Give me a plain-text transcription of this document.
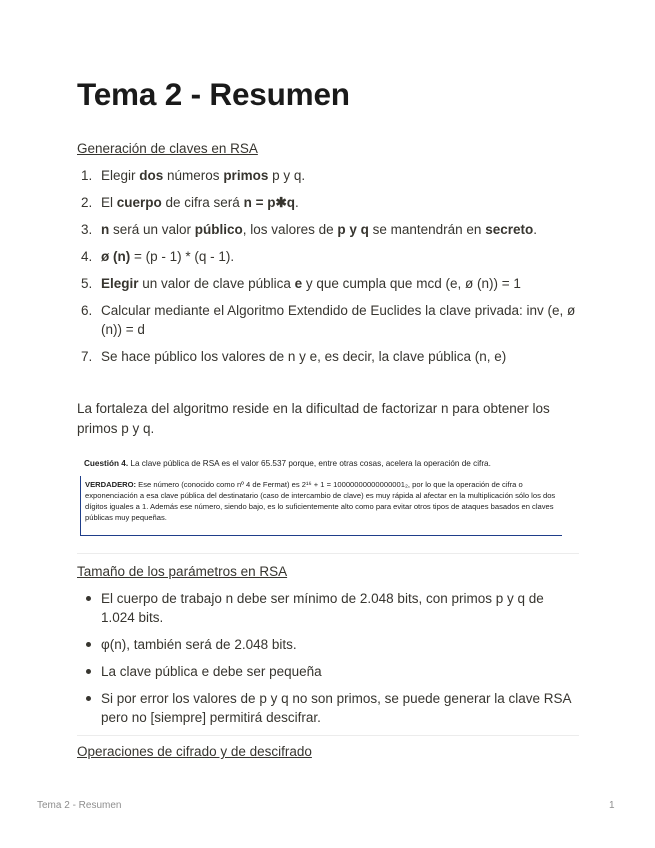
Tema 2 - Resumen

Generación de claves en RSA

1. Elegir dos números primos p y q.
2. El cuerpo de cifra será n = p✱q.
3. n será un valor público, los valores de p y q se mantendrán en secreto.
4. ø (n) = (p - 1) * (q - 1).
5. Elegir un valor de clave pública e y que cumpla que mcd (e, ø (n)) = 1
6. Calcular mediante el Algoritmo Extendido de Euclides la clave privada: inv (e, ø (n)) = d
7. Se hace público los valores de n y e, es decir, la clave pública (n, e)

La fortaleza del algoritmo reside en la dificultad de factorizar n para obtener los primos p y q.

Cuestión 4. La clave pública de RSA es el valor 65.537 porque, entre otras cosas, acelera la operación de cifra.
VERDADERO: Ese número (conocido como nº 4 de Fermat) es 2¹⁶ + 1 = 10000000000000001₂, por lo que la operación de cifra o exponenciación a esa clave pública del destinatario (caso de intercambio de clave) es muy rápida al afectar en la multiplicación sólo los dos dígitos iguales a 1. Además ese número, siendo bajo, es lo suficientemente alto como para evitar otros tipos de ataques basados en claves públicas muy pequeñas.

Tamaño de los parámetros en RSA

El cuerpo de trabajo n debe ser mínimo de 2.048 bits, con primos p y q de 1.024 bits.
φ(n), también será de 2.048 bits.
La clave pública e debe ser pequeña
Si por error los valores de p y q no son primos, se puede generar la clave RSA pero no [siempre] permitirá descifrar.

Operaciones de cifrado y de descifrado

Tema 2 - Resumen	1
